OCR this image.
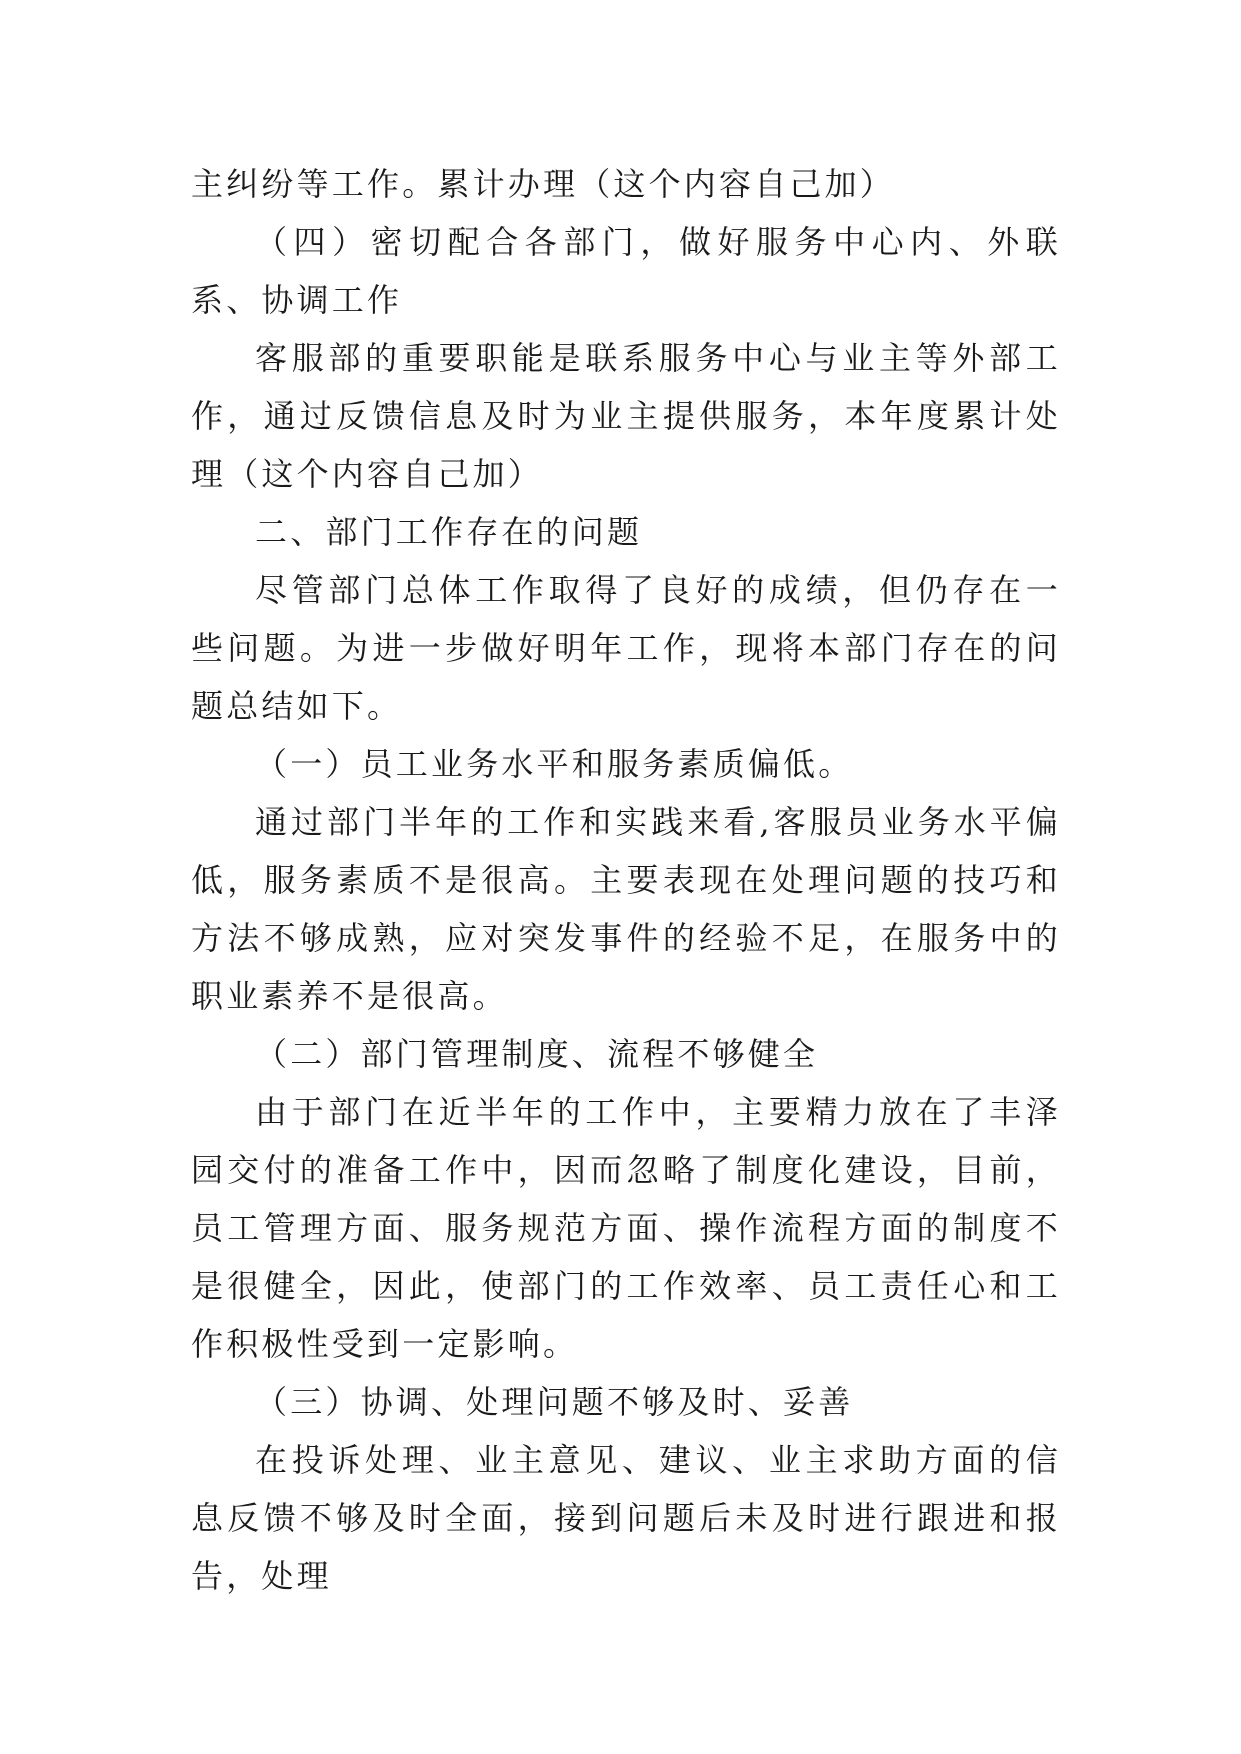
主纠纷等工作。累计办理（这个内容自己加）

（四）密切配合各部门，做好服务中心内、外联系、协调工作

客服部的重要职能是联系服务中心与业主等外部工作，通过反馈信息及时为业主提供服务，本年度累计处理（这个内容自己加）

二、部门工作存在的问题

尽管部门总体工作取得了良好的成绩，但仍存在一些问题。为进一步做好明年工作，现将本部门存在的问题总结如下。

（一）员工业务水平和服务素质偏低。

通过部门半年的工作和实践来看,客服员业务水平偏低，服务素质不是很高。主要表现在处理问题的技巧和方法不够成熟，应对突发事件的经验不足，在服务中的职业素养不是很高。

（二）部门管理制度、流程不够健全

由于部门在近半年的工作中，主要精力放在了丰泽园交付的准备工作中，因而忽略了制度化建设，目前，员工管理方面、服务规范方面、操作流程方面的制度不是很健全，因此，使部门的工作效率、员工责任心和工作积极性受到一定影响。

（三）协调、处理问题不够及时、妥善

在投诉处理、业主意见、建议、业主求助方面的信息反馈不够及时全面，接到问题后未及时进行跟进和报告，处理
